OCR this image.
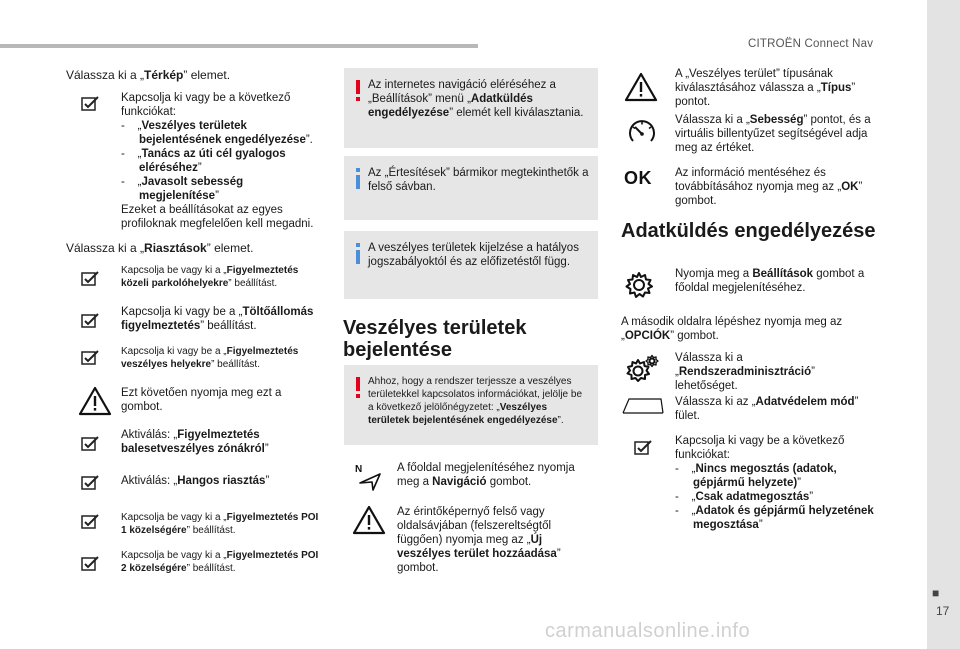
CITROËN Connect Nav
■
17
carmanualsonline.info
Válassza ki a „Térkép” elemet.
Kapcsolja ki vagy be a következő funkciókat:
-    „Veszélyes területek bejelentésének engedélyezése”.
-    „Tanács az úti cél gyalogos eléréséhez”
-    „Javasolt sebesség megjelenítése”
Ezeket a beállításokat az egyes profiloknak megfelelően kell megadni.
Válassza ki a „Riasztások” elemet.
Kapcsolja be vagy ki a „Figyelmeztetés közeli parkolóhelyekre” beállítást.
Kapcsolja ki vagy be a „Töltőállomás figyelmeztetés” beállítást.
Kapcsolja ki vagy be a „Figyelmeztetés veszélyes helyekre” beállítást.
Ezt követően nyomja meg ezt a gombot.
Aktiválás: „Figyelmeztetés balesetveszélyes zónákról”
Aktiválás: „Hangos riasztás”
Kapcsolja be vagy ki a „Figyelmeztetés POI 1 közelségére” beállítást.
Kapcsolja be vagy ki a „Figyelmeztetés POI 2 közelségére” beállítást.
Az internetes navigáció eléréséhez a „Beállítások” menü „Adatküldés engedélyezése” elemét kell kiválasztania.
Az „Értesítések” bármikor megtekinthetők a felső sávban.
A veszélyes területek kijelzése a hatályos jogszabályoktól és az előfizetéstől függ.
Veszélyes területek bejelentése
Ahhoz, hogy a rendszer terjessze a veszélyes területekkel kapcsolatos információkat, jelölje be a következő jelölőnégyzetet: „Veszélyes területek bejelentésének engedélyezése”.
N	A főoldal megjelenítéséhez nyomja meg a Navigáció gombot.
Az érintőképernyő felső vagy oldalsávjában (felszereltségtől függően) nyomja meg az „Új veszélyes terület hozzáadása” gombot.
A „Veszélyes terület” típusának kiválasztásához válassza a „Típus” pontot.
Válassza ki a „Sebesség” pontot, és a virtuális billentyűzet segítségével adja meg az értéket.
OK Az információ mentéséhez és továbbításához nyomja meg az „OK” gombot.
Adatküldés engedélyezése
Nyomja meg a Beállítások gombot a főoldal megjelenítéséhez.
A második oldalra lépéshez nyomja meg az „OPCIÓK” gombot.
Válassza ki a „Rendszeradminisztráció” lehetőséget.
Válassza ki az „Adatvédelem mód” fület.
Kapcsolja ki vagy be a következő funkciókat:
-    „Nincs megosztás (adatok, gépjármű helyzete)”
-    „Csak adatmegosztás”
-    „Adatok és gépjármű helyzetének megosztása”
